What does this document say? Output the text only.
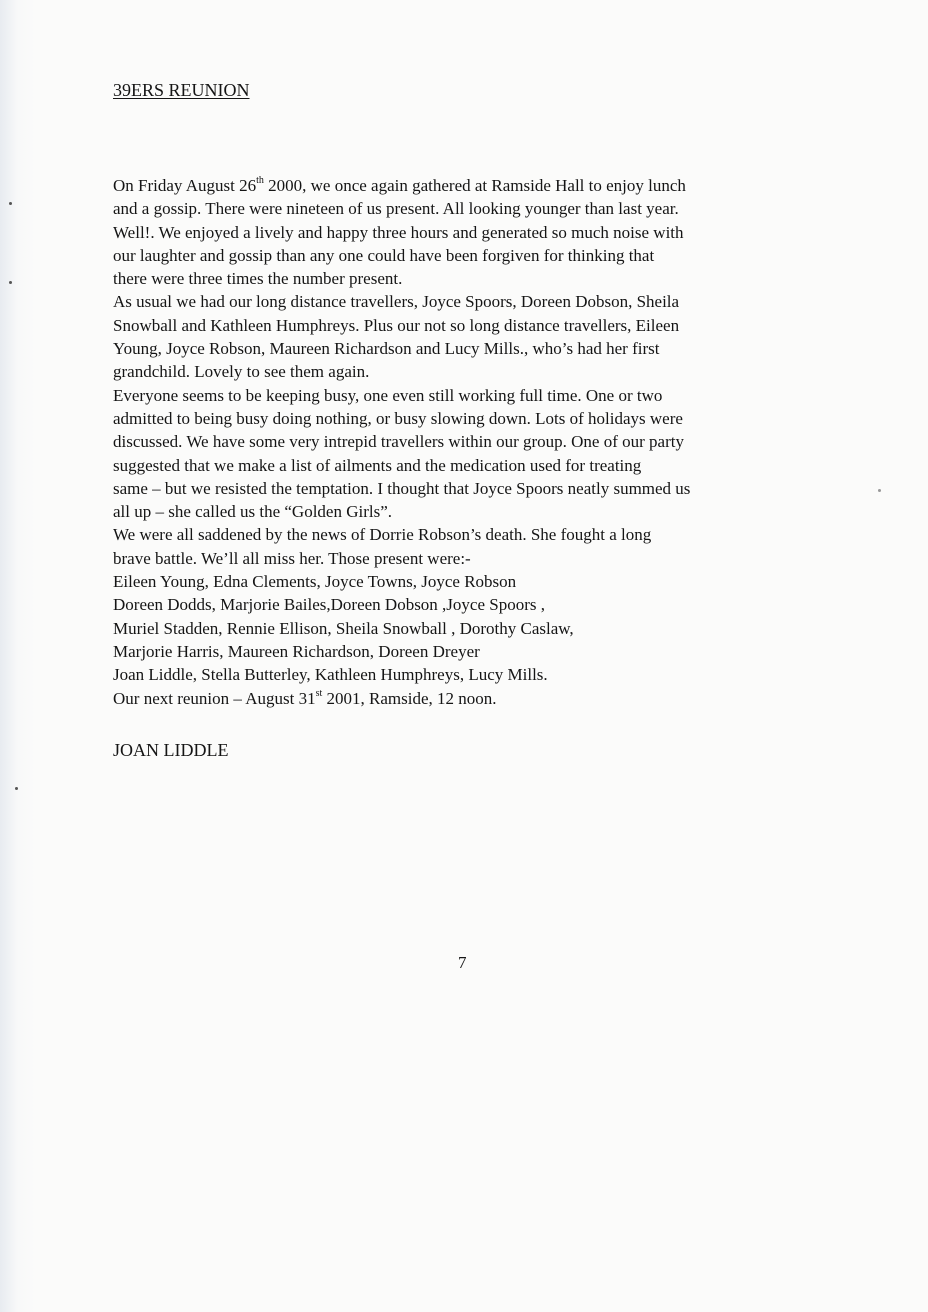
39ERS REUNION
On Friday August 26th 2000, we once again gathered at Ramside Hall to enjoy lunch
and a gossip. There were nineteen of us present. All looking younger than last year.
Well!. We enjoyed a lively and happy three hours and generated so much noise with
our laughter and gossip than any one could have been forgiven for thinking that
there were three times the number present.
As usual we had our long distance travellers, Joyce Spoors, Doreen Dobson, Sheila
Snowball and Kathleen Humphreys. Plus our not so long distance travellers, Eileen
Young, Joyce Robson, Maureen Richardson and Lucy Mills., who’s had her first
grandchild. Lovely to see them again.
Everyone seems to be keeping busy, one even still working full time. One or two
admitted to being busy doing nothing, or busy slowing down. Lots of holidays were
discussed. We have some very intrepid travellers within our group. One of our party
suggested that we make a list of ailments and the medication used for treating
same – but we resisted the temptation. I thought that Joyce Spoors neatly summed us
all up – she called us the “Golden Girls”.
We were all saddened by the news of Dorrie Robson’s death. She fought a long
brave battle. We’ll all miss her. Those present were:-
Eileen Young, Edna Clements, Joyce Towns, Joyce Robson
Doreen Dodds, Marjorie Bailes,Doreen Dobson ,Joyce Spoors ,
Muriel Stadden, Rennie Ellison, Sheila Snowball , Dorothy Caslaw,
Marjorie Harris, Maureen Richardson, Doreen Dreyer
Joan Liddle, Stella Butterley, Kathleen Humphreys, Lucy Mills.
Our next reunion – August 31st 2001, Ramside, 12 noon.
JOAN LIDDLE
7
